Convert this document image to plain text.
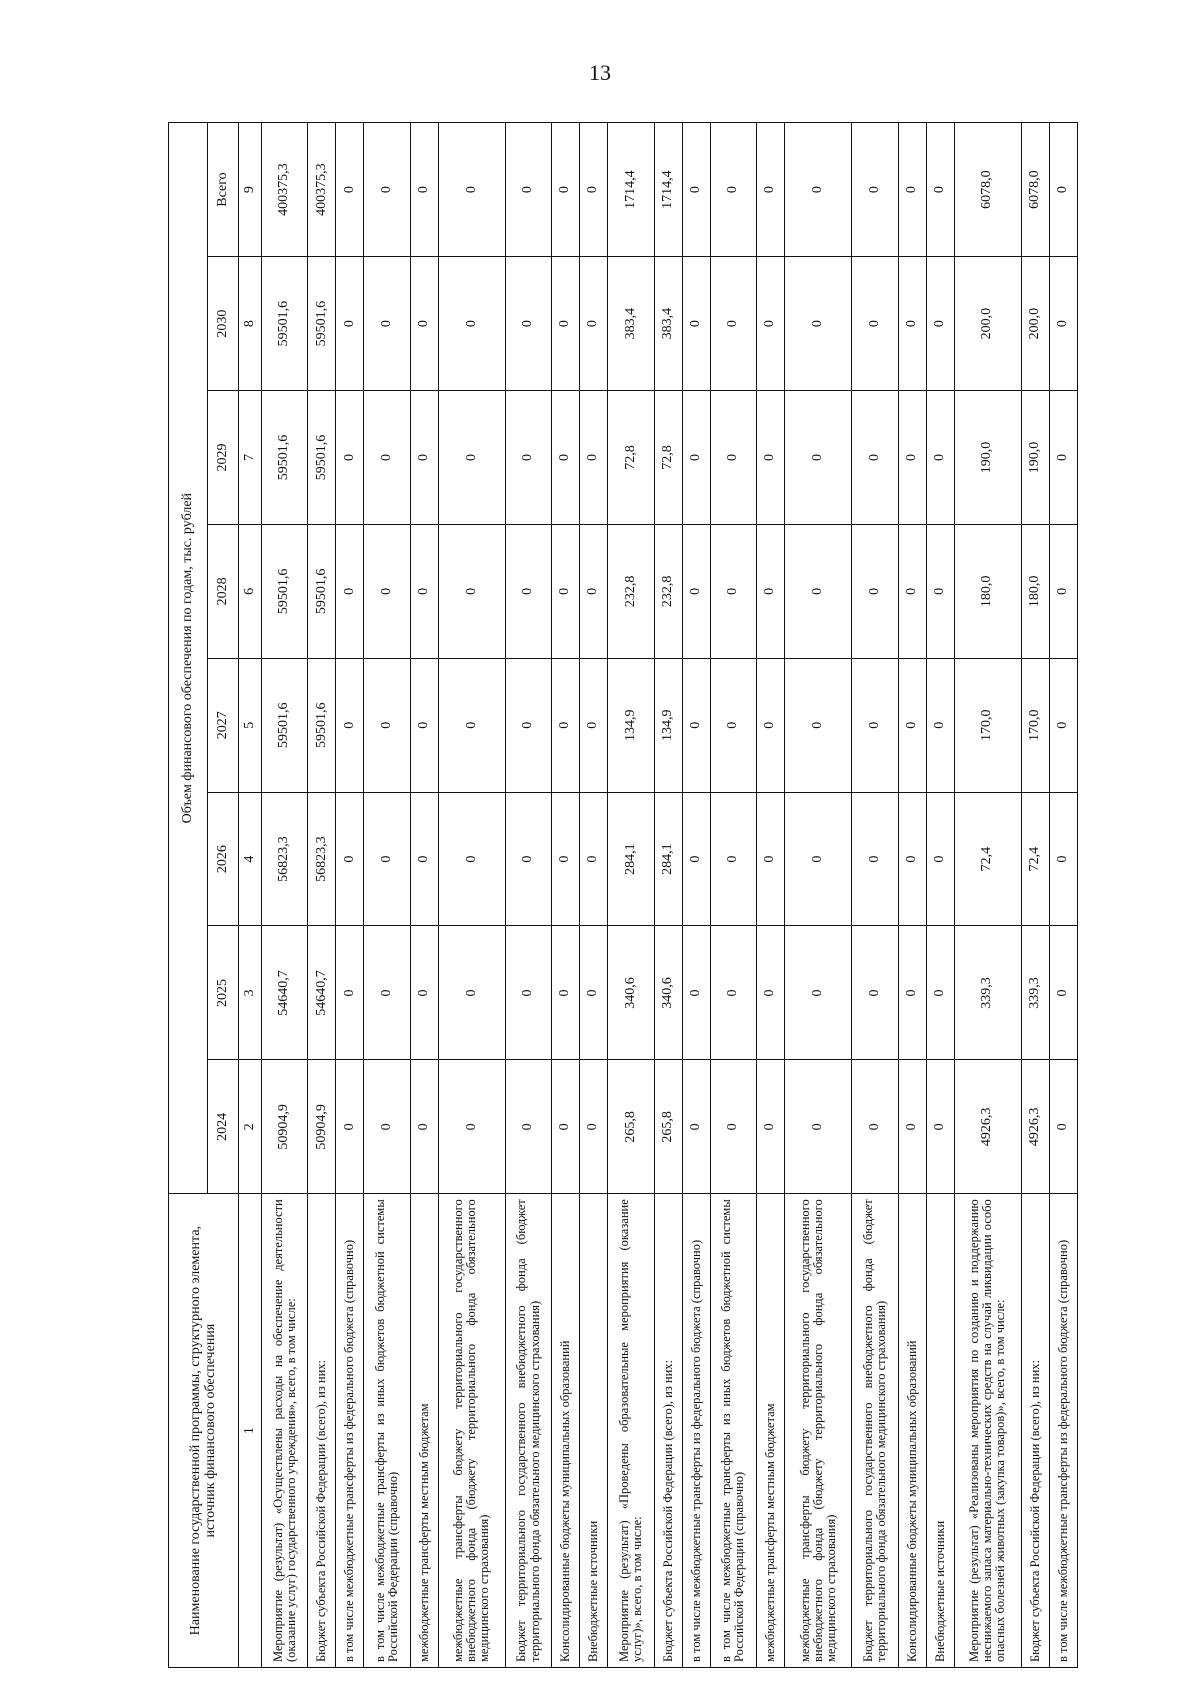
13
Наименование государственной программы, структурного элемента, источник финансового обеспечения	Объем финансового обеспечения по годам, тыс. рублей							
	2024	2025	2026	2027	2028	2029	2030	Всего
1	2	3	4	5	6	7	8	9
Мероприятие (результат) «Осуществлены расходы на обеспечение деятельности (оказание услуг) государственного учреждения», всего, в том числе:	50904,9	54640,7	56823,3	59501,6	59501,6	59501,6	59501,6	400375,3
Бюджет субъекта Российской Федерации (всего), из них:	50904,9	54640,7	56823,3	59501,6	59501,6	59501,6	59501,6	400375,3
в том числе межбюджетные трансферты из федерального бюджета (справочно)	0	0	0	0	0	0	0	0
в том числе межбюджетные трансферты из иных бюджетов бюджетной системы Российской Федерации (справочно)	0	0	0	0	0	0	0	0
межбюджетные трансферты местным бюджетам	0	0	0	0	0	0	0	0
межбюджетные трансферты бюджету территориального государственного внебюджетного фонда (бюджету территориального фонда обязательного медицинского страхования)	0	0	0	0	0	0	0	0
Бюджет территориального государственного внебюджетного фонда (бюджет территориального фонда обязательного медицинского страхования)	0	0	0	0	0	0	0	0
Консолидированные бюджеты муниципальных образований	0	0	0	0	0	0	0	0
Внебюджетные источники	0	0	0	0	0	0	0	0
Мероприятие (результат) «Проведены образовательные мероприятия (оказание услуг)», всего, в том числе:	265,8	340,6	284,1	134,9	232,8	72,8	383,4	1714,4
Бюджет субъекта Российской Федерации (всего), из них:	265,8	340,6	284,1	134,9	232,8	72,8	383,4	1714,4
в том числе межбюджетные трансферты из федерального бюджета (справочно)	0	0	0	0	0	0	0	0
в том числе межбюджетные трансферты из иных бюджетов бюджетной системы Российской Федерации (справочно)	0	0	0	0	0	0	0	0
межбюджетные трансферты местным бюджетам	0	0	0	0	0	0	0	0
межбюджетные трансферты бюджету территориального государственного внебюджетного фонда (бюджету территориального фонда обязательного медицинского страхования)	0	0	0	0	0	0	0	0
Бюджет территориального государственного внебюджетного фонда (бюджет территориального фонда обязательного медицинского страхования)	0	0	0	0	0	0	0	0
Консолидированные бюджеты муниципальных образований	0	0	0	0	0	0	0	0
Внебюджетные источники	0	0	0	0	0	0	0	0
Мероприятие (результат) «Реализованы мероприятия по созданию и поддержанию неснижаемого запаса материально-технических средств на случай ликвидации особо опасных болезней животных (закупка товаров)», всего, в том числе:	4926,3	339,3	72,4	170,0	180,0	190,0	200,0	6078,0
Бюджет субъекта Российской Федерации (всего), из них:	4926,3	339,3	72,4	170,0	180,0	190,0	200,0	6078,0
в том числе межбюджетные трансферты из федерального бюджета (справочно)	0	0	0	0	0	0	0	0
